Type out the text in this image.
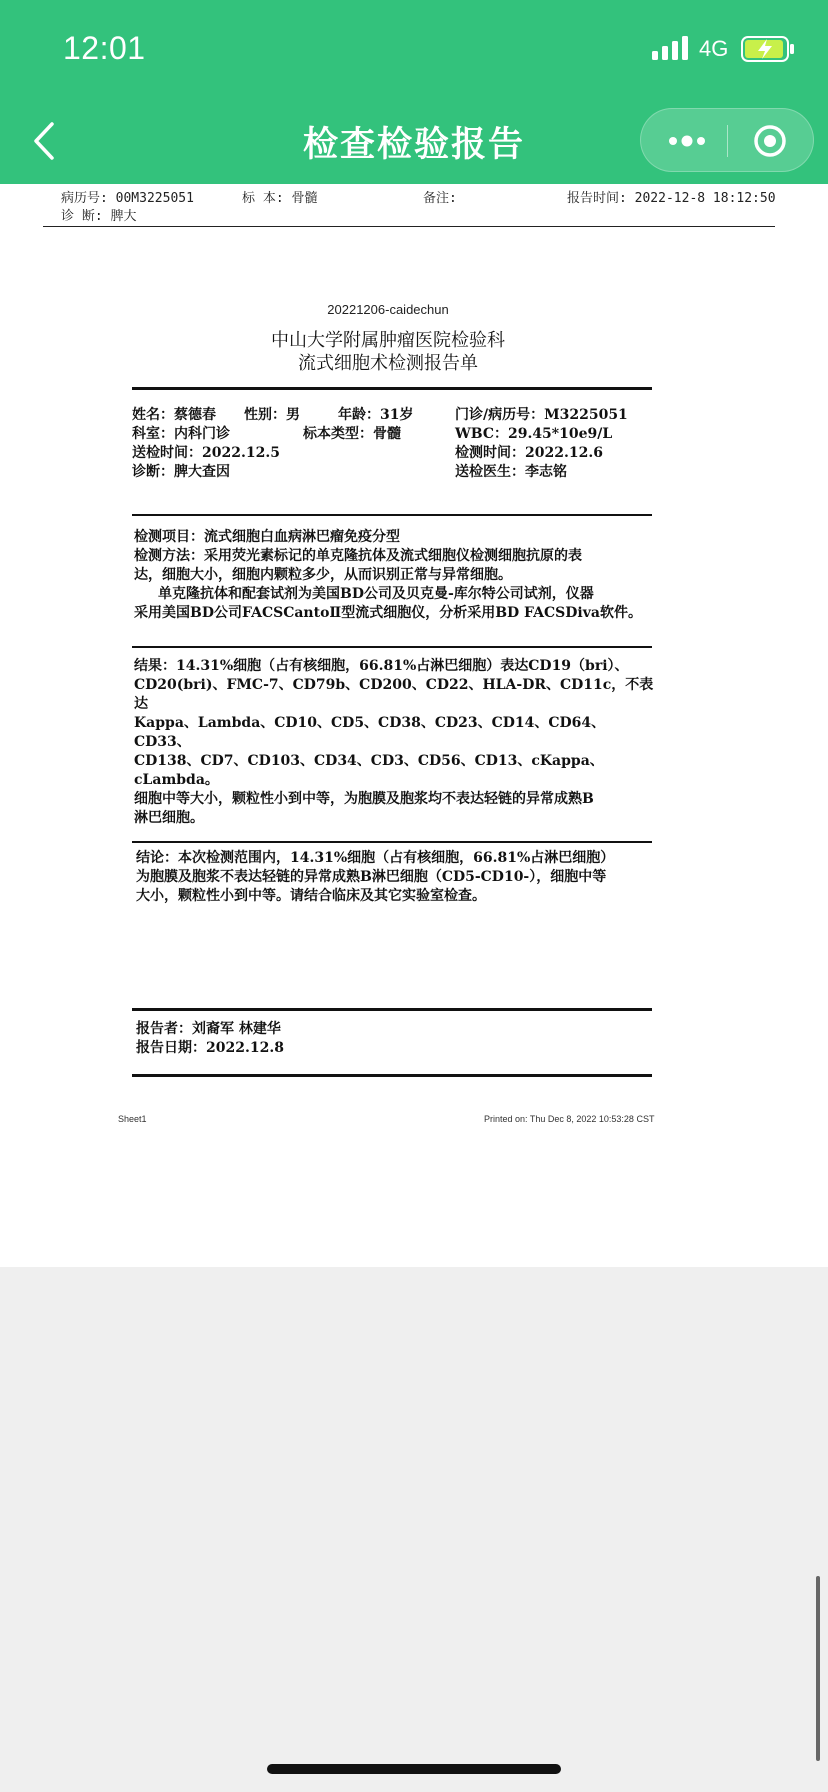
12:01	4G
检查检验报告
病历号: 00M3225051	标 本: 骨髓	备注:	报告时间: 2022-12-8 18:12:50
诊 断: 脾大
20221206-caidechun
中山大学附属肿瘤医院检验科
流式细胞术检测报告单
姓名：蔡德春 性别：男	年龄：31岁	门诊/病历号：M3225051
科室：内科门诊	标本类型：骨髓	WBC：29.45*10e9/L
送检时间：2022.12.5	检测时间：2022.12.6
诊断：脾大查因	送检医生：李志铭
检测项目：流式细胞白血病淋巴瘤免疫分型
检测方法：采用荧光素标记的单克隆抗体及流式细胞仪检测细胞抗原的表
达，细胞大小，细胞内颗粒多少，从而识别正常与异常细胞。
单克隆抗体和配套试剂为美国BD公司及贝克曼-库尔特公司试剂，仪器
采用美国BD公司FACSCantoⅡ型流式细胞仪，分析采用BD FACSDiva软件。
结果：14.31%细胞（占有核细胞，66.81%占淋巴细胞）表达CD19（bri）、
CD20(bri)、FMC-7、CD79b、CD200、CD22、HLA-DR、CD11c，不表达
Kappa、Lambda、CD10、CD5、CD38、CD23、CD14、CD64、CD33、
CD138、CD7、CD103、CD34、CD3、CD56、CD13、cKappa、cLambda。
细胞中等大小，颗粒性小到中等，为胞膜及胞浆均不表达轻链的异常成熟B
淋巴细胞。
结论：本次检测范围内，14.31%细胞（占有核细胞，66.81%占淋巴细胞）
为胞膜及胞浆不表达轻链的异常成熟B淋巴细胞（CD5-CD10-），细胞中等
大小，颗粒性小到中等。请结合临床及其它实验室检查。
报告者：刘裔军 林建华
报告日期：2022.12.8
Sheet1	Printed on: Thu Dec 8, 2022 10:53:28 CST
